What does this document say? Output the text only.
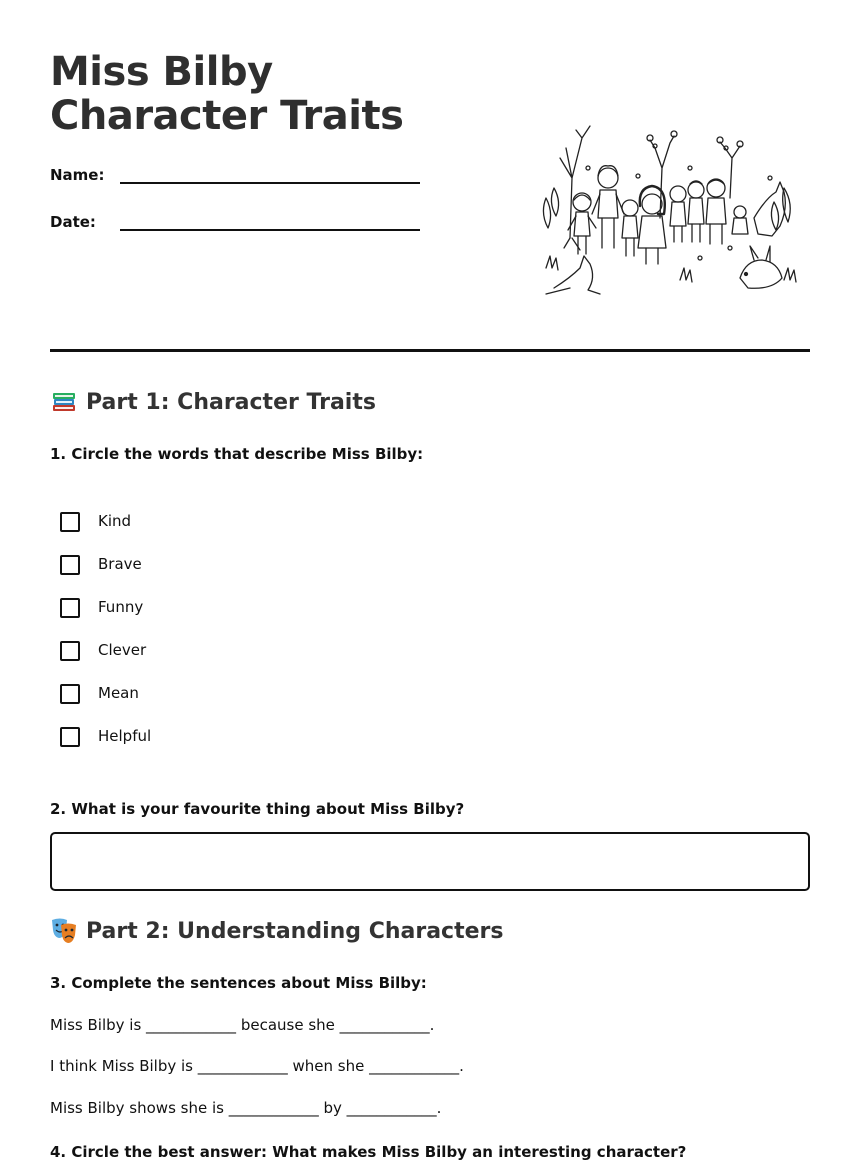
Miss Bilby Character Traits
Name:
Date:
Part 1: Character Traits
1. Circle the words that describe Miss Bilby:
Kind
Brave
Funny
Clever
Mean
Helpful
2. What is your favourite thing about Miss Bilby?
Part 2: Understanding Characters
3. Complete the sentences about Miss Bilby:
Miss Bilby is ____________ because she ____________.
I think Miss Bilby is ____________ when she ____________.
Miss Bilby shows she is ____________ by ____________.
4. Circle the best answer: What makes Miss Bilby an interesting character?
